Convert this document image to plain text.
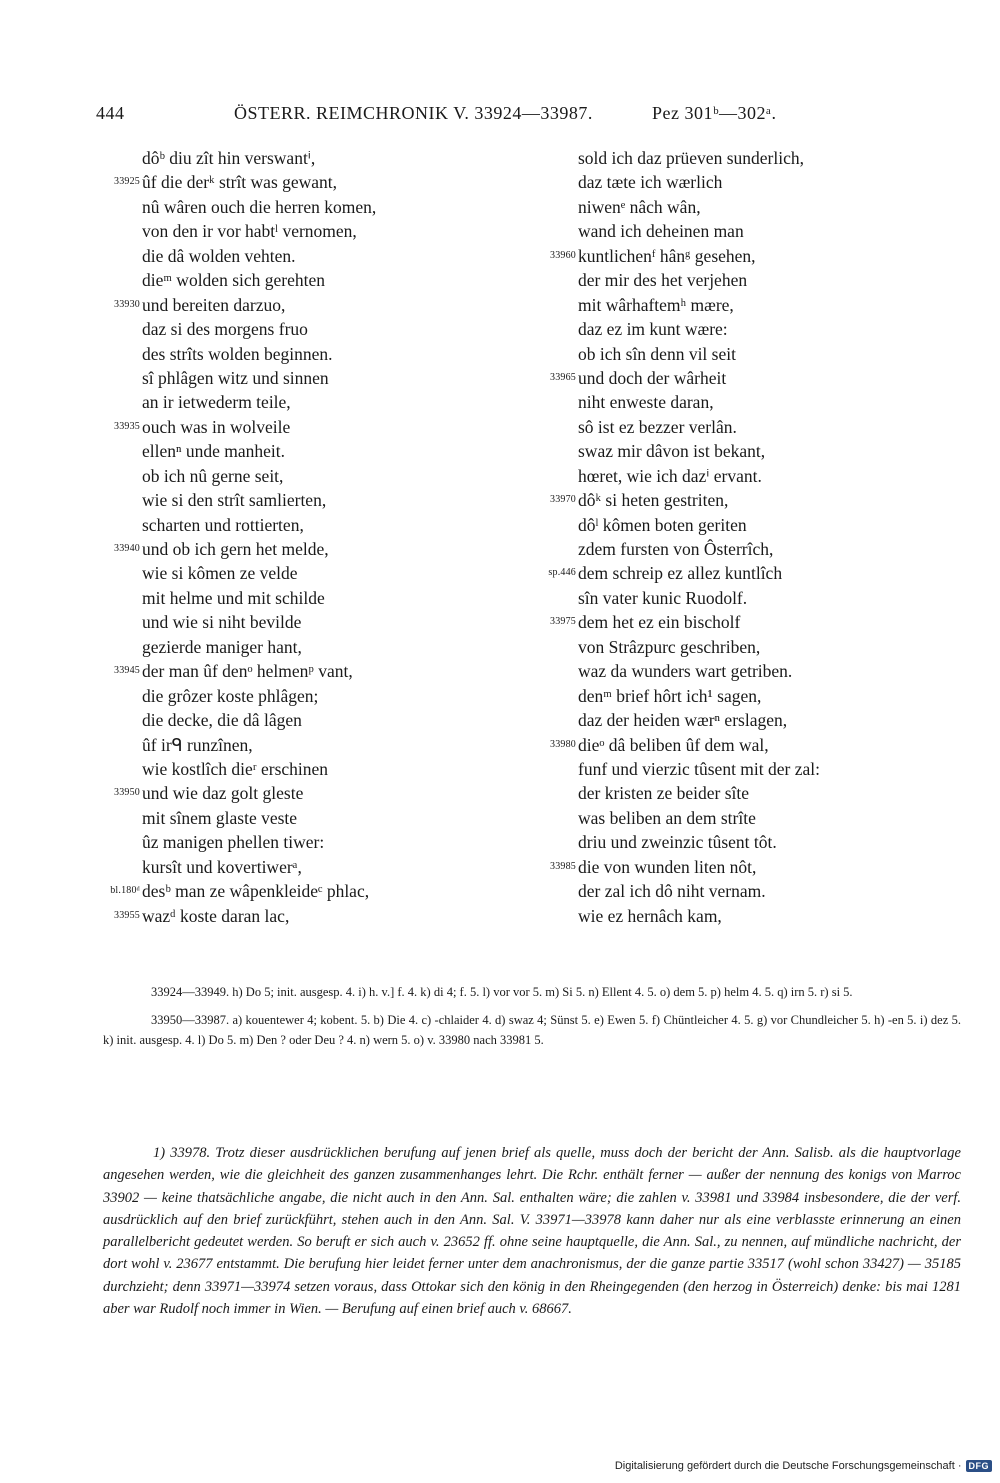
444	ÖSTERR. REIMCHRONIK V. 33924—33987.	Pez 301ᵇ—302ᵃ.
dôᵇ diu zît hin verswantⁱ,
33925 ûf die derᵏ strît was gewant,
nû wâren ouch die herren komen,
von den ir vor habtˡ vernomen,
die dâ wolden vehten.
dieᵐ wolden sich gerehten
33930 und bereiten darzuo,
daz si des morgens fruo
des strîts wolden beginnen.
sî phlâgen witz und sinnen
an ir ietwederm teile,
33935 ouch was in wolveile
ellenⁿ unde manheit.
ob ich nû gerne seit,
wie si den strît samlierten,
scharten und rottierten,
33940 und ob ich gern het melde,
wie si kômen ze velde
mit helme und mit schilde
und wie si niht bevilde
gezierde maniger hant,
33945 der man ûf denᵒ helmenᵖ vant,
die grôzer koste phlâgen;
die decke, die dâ lâgen
ûf irᑫ runzînen,
wie kostlîch dieʳ erschinen
33950 und wie daz golt gleste
mit sînem glaste veste
ûz manigen phellen tiwer:
kursît und kovertiwerᵃ,
bl.180ᵈ desᵇ man ze wâpenkleideᶜ phlac,
33955 wazᵈ koste daran lac,
sold ich daz prüeven sunderlich,
daz tæte ich wærlich
niwenᵉ nâch wân,
wand ich deheinen man
33960 kuntlichenᶠ hânᵍ gesehen,
der mir des het verjehen
mit wârhaftemʰ mære,
daz ez im kunt wære:
ob ich sîn denn vil seit
33965 und doch der wârheit
niht enweste daran,
sô ist ez bezzer verlân.
swaz mir dâvon ist bekant,
hœret, wie ich dazⁱ ervant.
33970 dôᵏ si heten gestriten,
dôˡ kômen boten geriten
zdem fursten von Ôsterrîch,
sp.446 dem schreip ez allez kuntlîch
sîn vater kunic Ruodolf.
33975 dem het ez ein bischolf
von Strâzpurc geschriben,
waz da wunders wart getriben.
denᵐ brief hôrt ich¹ sagen,
daz der heiden wærⁿ erslagen,
33980 dieᵒ dâ beliben ûf dem wal,
funf und vierzic tûsent mit der zal:
der kristen ze beider sîte
was beliben an dem strîte
driu und zweinzic tûsent tôt.
33985 die von wunden liten nôt,
der zal ich dô niht vernam.
wie ez hernâch kam,

33924—33949. h) Do 5; init. ausgesp. 4. i) h. v.] f. 4. k) di 4; f. 5. l) vor vor 5. m) Si 5. n) Ellent 4. 5. o) dem 5. p) helm 4. 5. q) irn 5. r) si 5.

33950—33987. a) kouentewer 4; kobent. 5. b) Die 4. c) -chlaider 4. d) swaz 4; Sünst 5. e) Ewen 5. f) Chüntleicher 4. 5. g) vor Chundleicher 5. h) -en 5. i) dez 5. k) init. ausgesp. 4. l) Do 5. m) Den ? oder Deu ? 4. n) wern 5. o) v. 33980 nach 33981 5.

1) 33978. Trotz dieser ausdrücklichen berufung auf jenen brief als quelle, muss doch der bericht der Ann. Salisb. als die hauptvorlage angesehen werden, wie die gleichheit des ganzen zusammenhanges lehrt. Die Rchr. enthält ferner — außer der nennung des konigs von Marroc 33902 — keine thatsächliche angabe, die nicht auch in den Ann. Sal. enthalten wäre; die zahlen v. 33981 und 33984 insbesondere, die der verf. ausdrücklich auf den brief zurückführt, stehen auch in den Ann. Sal. V. 33971—33978 kann daher nur als eine verblasste erinnerung an einen parallelbericht gedeutet werden. So beruft er sich auch v. 23652 ff. ohne seine hauptquelle, die Ann. Sal., zu nennen, auf mündliche nachricht, der dort wohl v. 23677 entstammt. Die berufung hier leidet ferner unter dem anachronismus, der die ganze partie 33517 (wohl schon 33427) — 35185 durchzieht; denn 33971—33974 setzen voraus, dass Ottokar sich den könig in den Rheingegenden (den herzog in Österreich) denke: bis mai 1281 aber war Rudolf noch immer in Wien. — Berufung auf einen brief auch v. 68667.
Digitalisierung gefördert durch die Deutsche Forschungsgemeinschaft · DFG
